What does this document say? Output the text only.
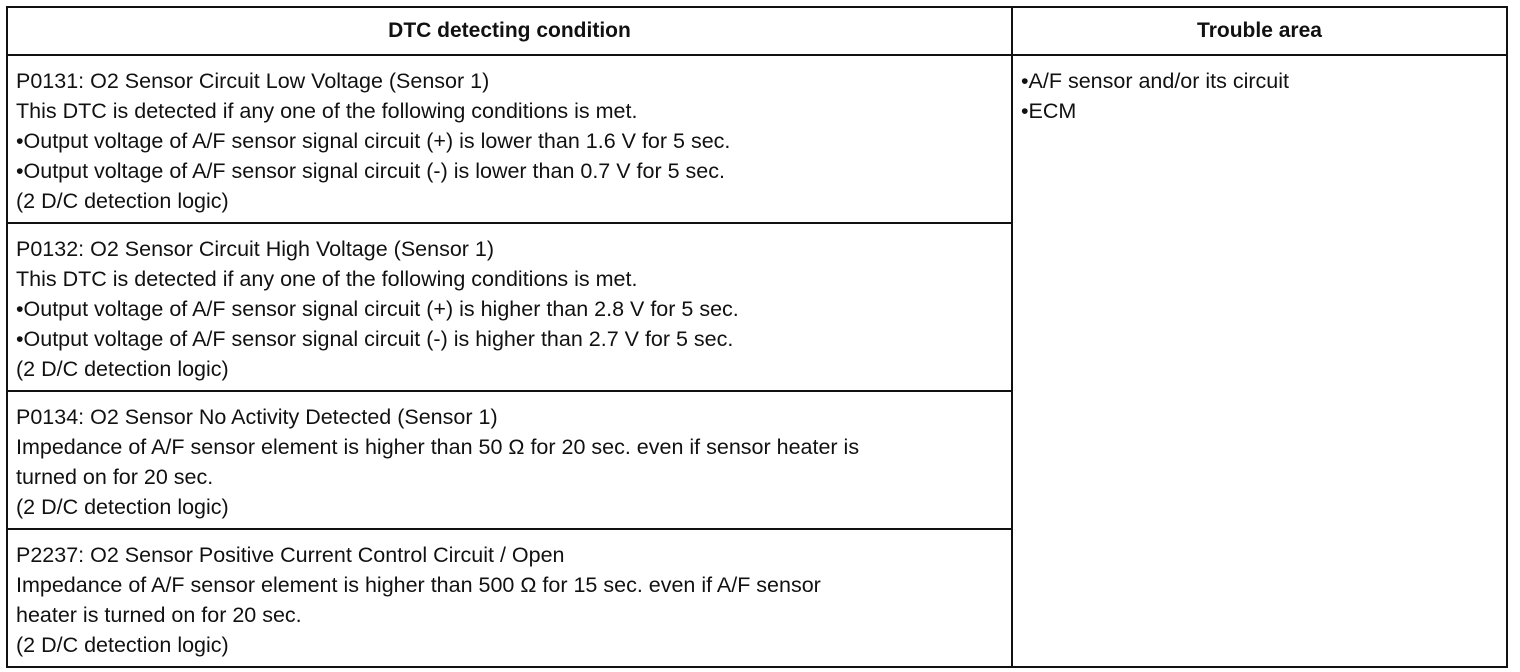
DTC detecting condition	Trouble area

P0131: O2 Sensor Circuit Low Voltage (Sensor 1)
This DTC is detected if any one of the following conditions is met.
•Output voltage of A/F sensor signal circuit (+) is lower than 1.6 V for 5 sec.
•Output voltage of A/F sensor signal circuit (-) is lower than 0.7 V for 5 sec.
(2 D/C detection logic)	•A/F sensor and/or its circuit
•ECM

P0132: O2 Sensor Circuit High Voltage (Sensor 1)
This DTC is detected if any one of the following conditions is met.
•Output voltage of A/F sensor signal circuit (+) is higher than 2.8 V for 5 sec.
•Output voltage of A/F sensor signal circuit (-) is higher than 2.7 V for 5 sec.
(2 D/C detection logic)	

P0134: O2 Sensor No Activity Detected (Sensor 1)
Impedance of A/F sensor element is higher than 50 Ω for 20 sec. even if sensor heater is
turned on for 20 sec.
(2 D/C detection logic)	

P2237: O2 Sensor Positive Current Control Circuit / Open
Impedance of A/F sensor element is higher than 500 Ω for 15 sec. even if A/F sensor
heater is turned on for 20 sec.
(2 D/C detection logic)	
